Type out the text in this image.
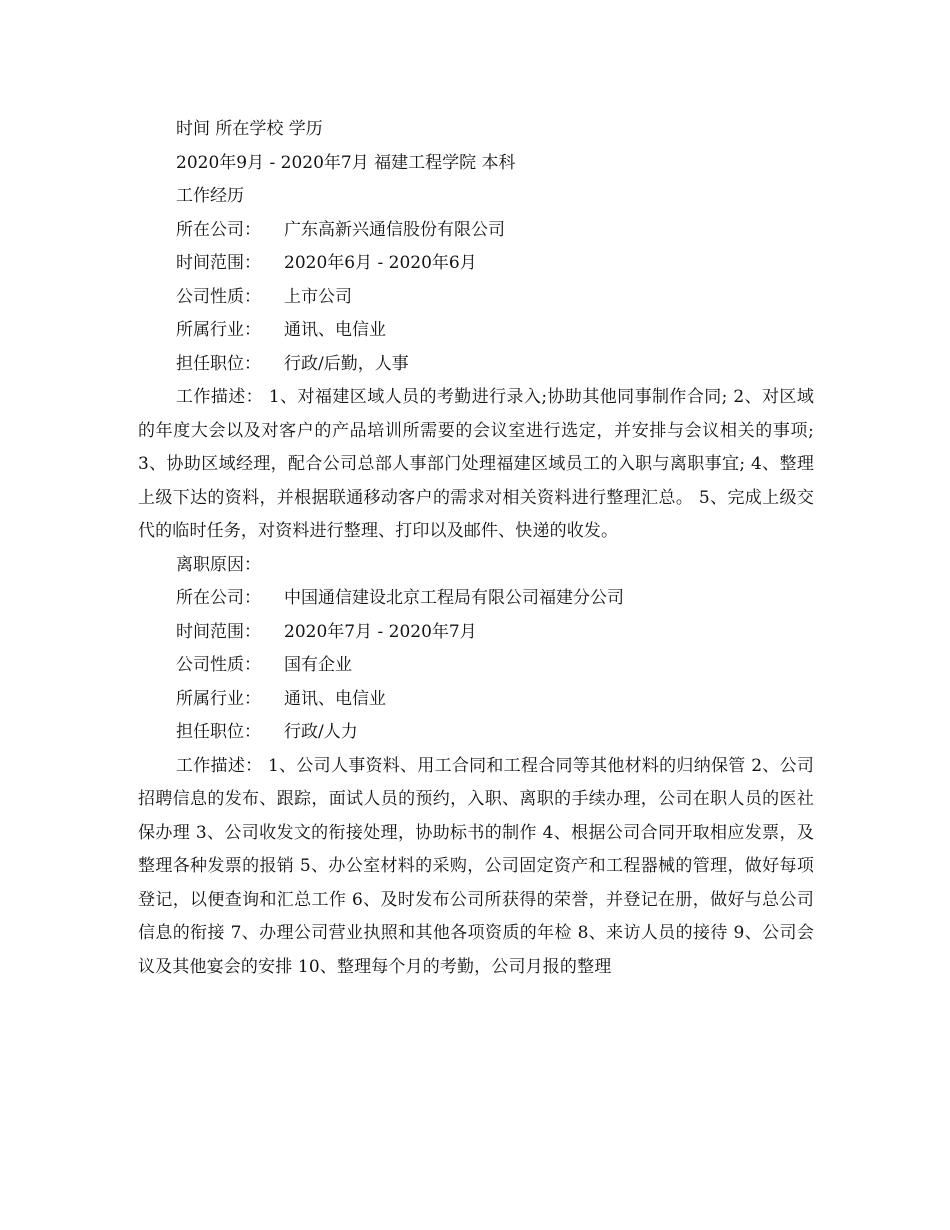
时间 所在学校 学历

2020年9月 - 2020年7月 福建工程学院 本科

工作经历

所在公司： 广东高新兴通信股份有限公司

时间范围： 2020年6月 - 2020年6月

公司性质： 上市公司

所属行业： 通讯、电信业

担任职位： 行政/后勤，人事

工作描述： 1、对福建区域人员的考勤进行录入;协助其他同事制作合同; 2、对区域的年度大会以及对客户的产品培训所需要的会议室进行选定，并安排与会议相关的事项; 3、协助区域经理，配合公司总部人事部门处理福建区域员工的入职与离职事宜; 4、整理上级下达的资料，并根据联通移动客户的需求对相关资料进行整理汇总。 5、完成上级交代的临时任务，对资料进行整理、打印以及邮件、快递的收发。

离职原因：

所在公司： 中国通信建设北京工程局有限公司福建分公司

时间范围： 2020年7月 - 2020年7月

公司性质： 国有企业

所属行业： 通讯、电信业

担任职位： 行政/人力

工作描述： 1、公司人事资料、用工合同和工程合同等其他材料的归纳保管 2、公司招聘信息的发布、跟踪，面试人员的预约，入职、离职的手续办理，公司在职人员的医社保办理 3、公司收发文的衔接处理，协助标书的制作 4、根据公司合同开取相应发票，及整理各种发票的报销 5、办公室材料的采购，公司固定资产和工程器械的管理，做好每项登记，以便查询和汇总工作 6、及时发布公司所获得的荣誉，并登记在册，做好与总公司信息的衔接 7、办理公司营业执照和其他各项资质的年检 8、来访人员的接待 9、公司会议及其他宴会的安排 10、整理每个月的考勤，公司月报的整理
